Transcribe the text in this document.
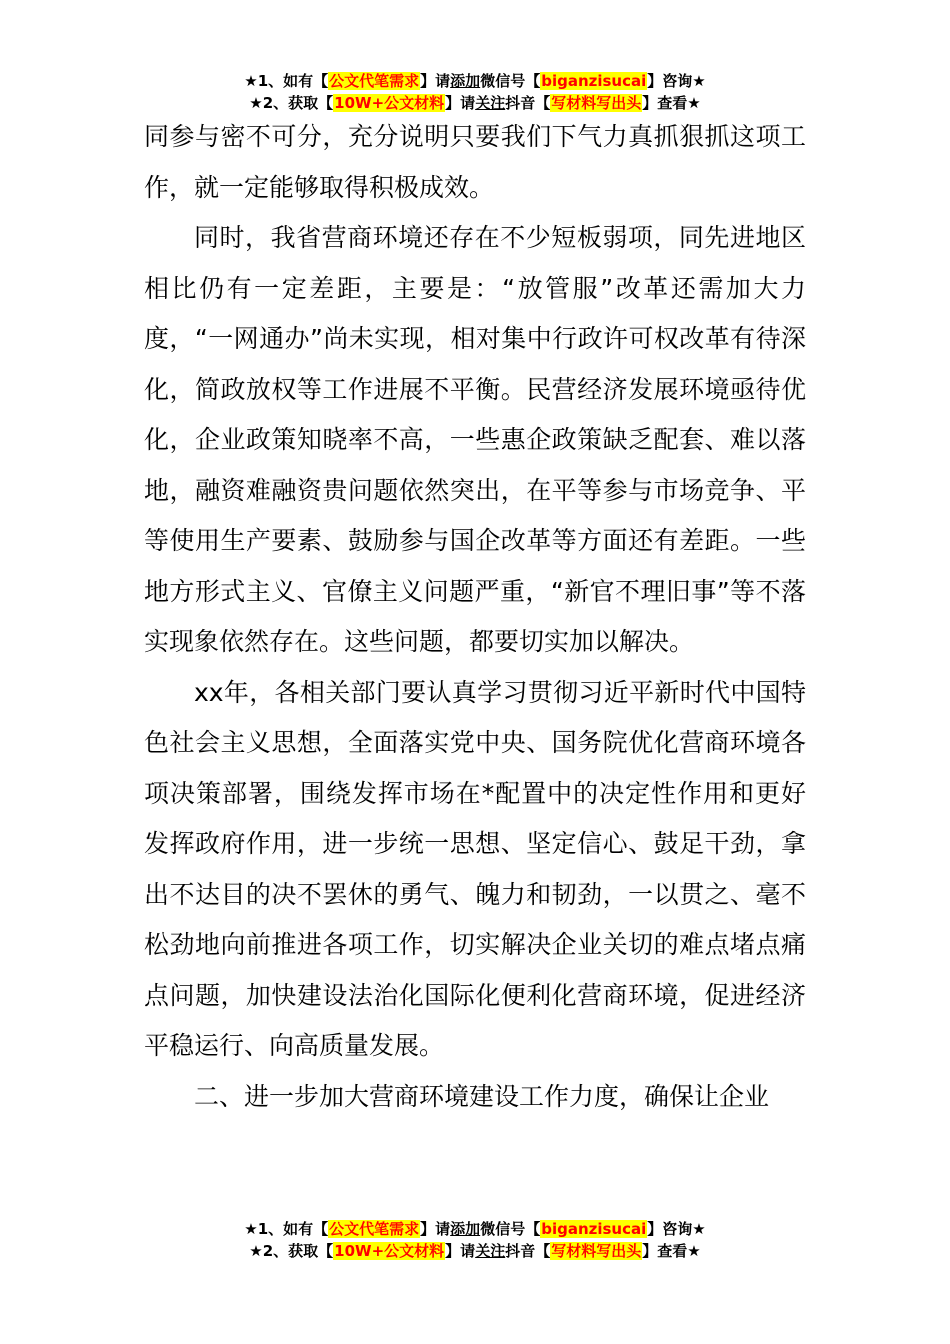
★1、如有【公文代笔需求】请添加微信号【biganzisucai】咨询★
★2、获取【10W+公文材料】请关注抖音【写材料写出头】查看★

同参与密不可分，充分说明只要我们下气力真抓狠抓这项工作，就一定能够取得积极成效。

同时，我省营商环境还存在不少短板弱项，同先进地区相比仍有一定差距，主要是：“放管服”改革还需加大力度，“一网通办”尚未实现，相对集中行政许可权改革有待深化，简政放权等工作进展不平衡。民营经济发展环境亟待优化，企业政策知晓率不高，一些惠企政策缺乏配套、难以落地，融资难融资贵问题依然突出，在平等参与市场竞争、平等使用生产要素、鼓励参与国企改革等方面还有差距。一些地方形式主义、官僚主义问题严重，“新官不理旧事”等不落实现象依然存在。这些问题，都要切实加以解决。

xx年，各相关部门要认真学习贯彻习近平新时代中国特色社会主义思想，全面落实党中央、国务院优化营商环境各项决策部署，围绕发挥市场在*配置中的决定性作用和更好发挥政府作用，进一步统一思想、坚定信心、鼓足干劲，拿出不达目的决不罢休的勇气、魄力和韧劲，一以贯之、毫不松劲地向前推进各项工作，切实解决企业关切的难点堵点痛点问题，加快建设法治化国际化便利化营商环境，促进经济平稳运行、向高质量发展。

二、进一步加大营商环境建设工作力度，确保让企业

★1、如有【公文代笔需求】请添加微信号【biganzisucai】咨询★
★2、获取【10W+公文材料】请关注抖音【写材料写出头】查看★
